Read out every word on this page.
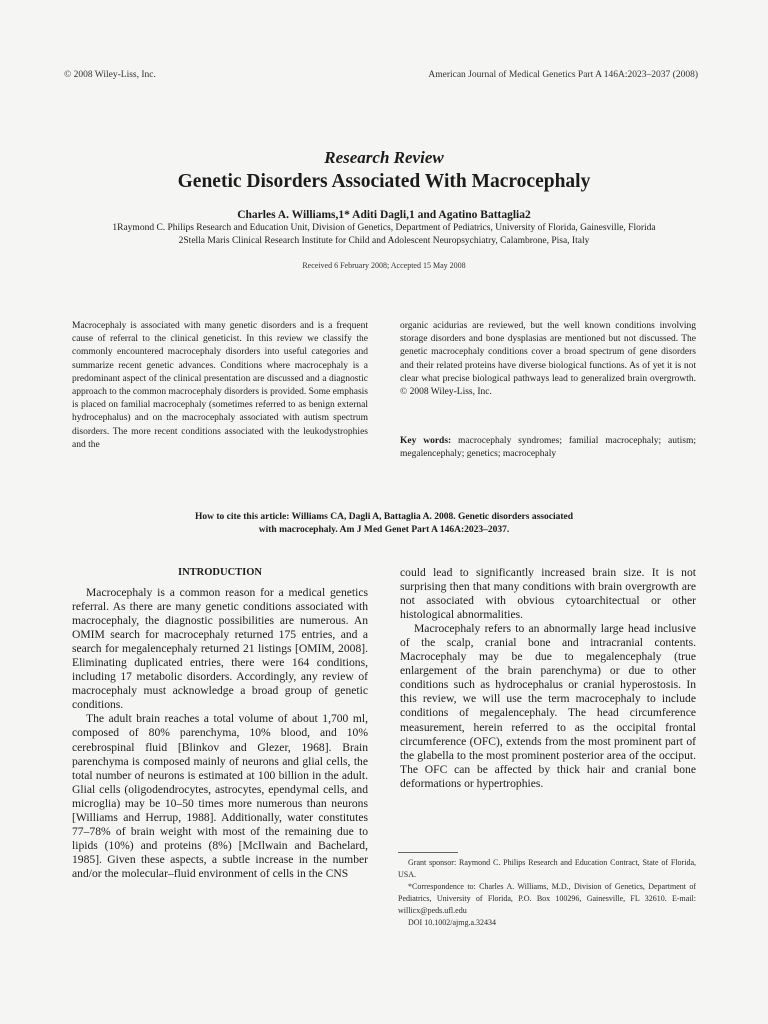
© 2008 Wiley-Liss, Inc.	American Journal of Medical Genetics Part A 146A:2023–2037 (2008)

Research Review

Genetic Disorders Associated With Macrocephaly

Charles A. Williams,1* Aditi Dagli,1 and Agatino Battaglia2
1Raymond C. Philips Research and Education Unit, Division of Genetics, Department of Pediatrics, University of Florida, Gainesville, Florida
2Stella Maris Clinical Research Institute for Child and Adolescent Neuropsychiatry, Calambrone, Pisa, Italy
Received 6 February 2008; Accepted 15 May 2008

Macrocephaly is associated with many genetic disorders and is a frequent cause of referral to the clinical geneticist. In this review we classify the commonly encountered macrocephaly disorders into useful categories and summarize recent genetic advances. Conditions where macrocephaly is a predominant aspect of the clinical presentation are discussed and a diagnostic approach to the common macrocephaly disorders is provided. Some emphasis is placed on familial macrocephaly (sometimes referred to as benign external hydrocephalus) and on the macrocephaly associated with autism spectrum disorders. The more recent conditions associated with the leukodystrophies and the

organic acidurias are reviewed, but the well known conditions involving storage disorders and bone dysplasias are mentioned but not discussed. The genetic macrocephaly conditions cover a broad spectrum of gene disorders and their related proteins have diverse biological functions. As of yet it is not clear what precise biological pathways lead to generalized brain overgrowth. © 2008 Wiley-Liss, Inc.

Key words: macrocephaly syndromes; familial macrocephaly; autism; megalencephaly; genetics; macrocephaly

How to cite this article: Williams CA, Dagli A, Battaglia A. 2008. Genetic disorders associated
with macrocephaly. Am J Med Genet Part A 146A:2023–2037.
INTRODUCTION

Macrocephaly is a common reason for a medical genetics referral. As there are many genetic conditions associated with macrocephaly, the diagnostic possibilities are numerous. An OMIM search for macrocephaly returned 175 entries, and a search for megalencephaly returned 21 listings [OMIM, 2008]. Eliminating duplicated entries, there were 164 conditions, including 17 metabolic disorders. Accordingly, any review of macrocephaly must acknowledge a broad group of genetic conditions.

The adult brain reaches a total volume of about 1,700 ml, composed of 80% parenchyma, 10% blood, and 10% cerebrospinal fluid [Blinkov and Glezer, 1968]. Brain parenchyma is composed mainly of neurons and glial cells, the total number of neurons is estimated at 100 billion in the adult. Glial cells (oligodendrocytes, astrocytes, ependymal cells, and microglia) may be 10–50 times more numerous than neurons [Williams and Herrup, 1988]. Additionally, water constitutes 77–78% of brain weight with most of the remaining due to lipids (10%) and proteins (8%) [McIlwain and Bachelard, 1985]. Given these aspects, a subtle increase in the number and/or the molecular–fluid environment of cells in the CNS

could lead to significantly increased brain size. It is not surprising then that many conditions with brain overgrowth are not associated with obvious cytoarchitectual or other histological abnormalities.

Macrocephaly refers to an abnormally large head inclusive of the scalp, cranial bone and intracranial contents. Macrocephaly may be due to megalencephaly (true enlargement of the brain parenchyma) or due to other conditions such as hydrocephalus or cranial hyperostosis. In this review, we will use the term macrocephaly to include conditions of megalencephaly. The head circumference measurement, herein referred to as the occipital frontal circumference (OFC), extends from the most prominent part of the glabella to the most prominent posterior area of the occiput. The OFC can be affected by thick hair and cranial bone deformations or hypertrophies.

Grant sponsor: Raymond C. Philips Research and Education Contract, State of Florida, USA.

*Correspondence to: Charles A. Williams, M.D., Division of Genetics, Department of Pediatrics, University of Florida, P.O. Box 100296, Gainesville, FL 32610. E-mail: willicx@peds.ufl.edu

DOI 10.1002/ajmg.a.32434
